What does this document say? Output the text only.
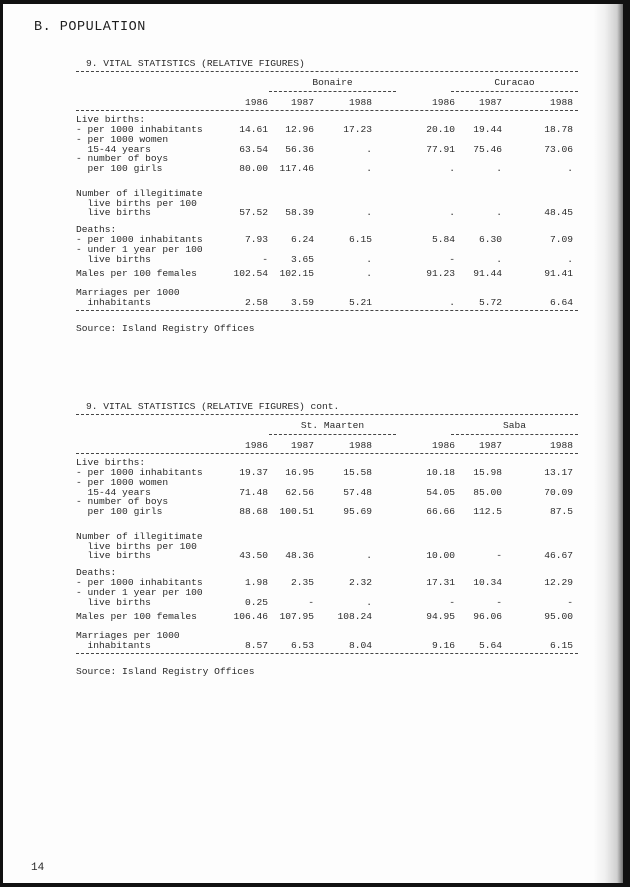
B. POPULATION
9. VITAL STATISTICS (RELATIVE FIGURES)
Bonaire	Curacao
1986	1987	1988	1986	1987	1988
Live births:
- per 1000 inhabitants	14.61	12.96	17.23	20.10	19.44	18.78
- per 1000 women
15-44 years	63.54	56.36	.	77.91	75.46	73.06
- number of boys
per 100 girls	80.00	117.46	.	.	.	.
Number of illegitimate
live births per 100
live births	57.52	58.39	.	.	.	48.45
Deaths:
- per 1000 inhabitants	7.93	6.24	6.15	5.84	6.30	7.09
- under 1 year per 100
live births	-	3.65	.	-	.	.
Males per 100 females	102.54	102.15	.	91.23	91.44	91.41
Marriages per 1000
inhabitants	2.58	3.59	5.21	.	5.72	6.64
Source: Island Registry Offices
9. VITAL STATISTICS (RELATIVE FIGURES) cont.
St. Maarten	Saba
1986	1987	1988	1986	1987	1988
Live births:
- per 1000 inhabitants	19.37	16.95	15.58	10.18	15.98	13.17
- per 1000 women
15-44 years	71.48	62.56	57.48	54.05	85.00	70.09
- number of boys
per 100 girls	88.68	100.51	95.69	66.66	112.5	87.5
Number of illegitimate
live births per 100
live births	43.50	48.36	.	10.00	-	46.67
Deaths:
- per 1000 inhabitants	1.98	2.35	2.32	17.31	10.34	12.29
- under 1 year per 100
live births	0.25	-	.	-	-	-
Males per 100 females	106.46	107.95	108.24	94.95	96.06	95.00
Marriages per 1000
inhabitants	8.57	6.53	8.04	9.16	5.64	6.15
Source: Island Registry Offices
14
